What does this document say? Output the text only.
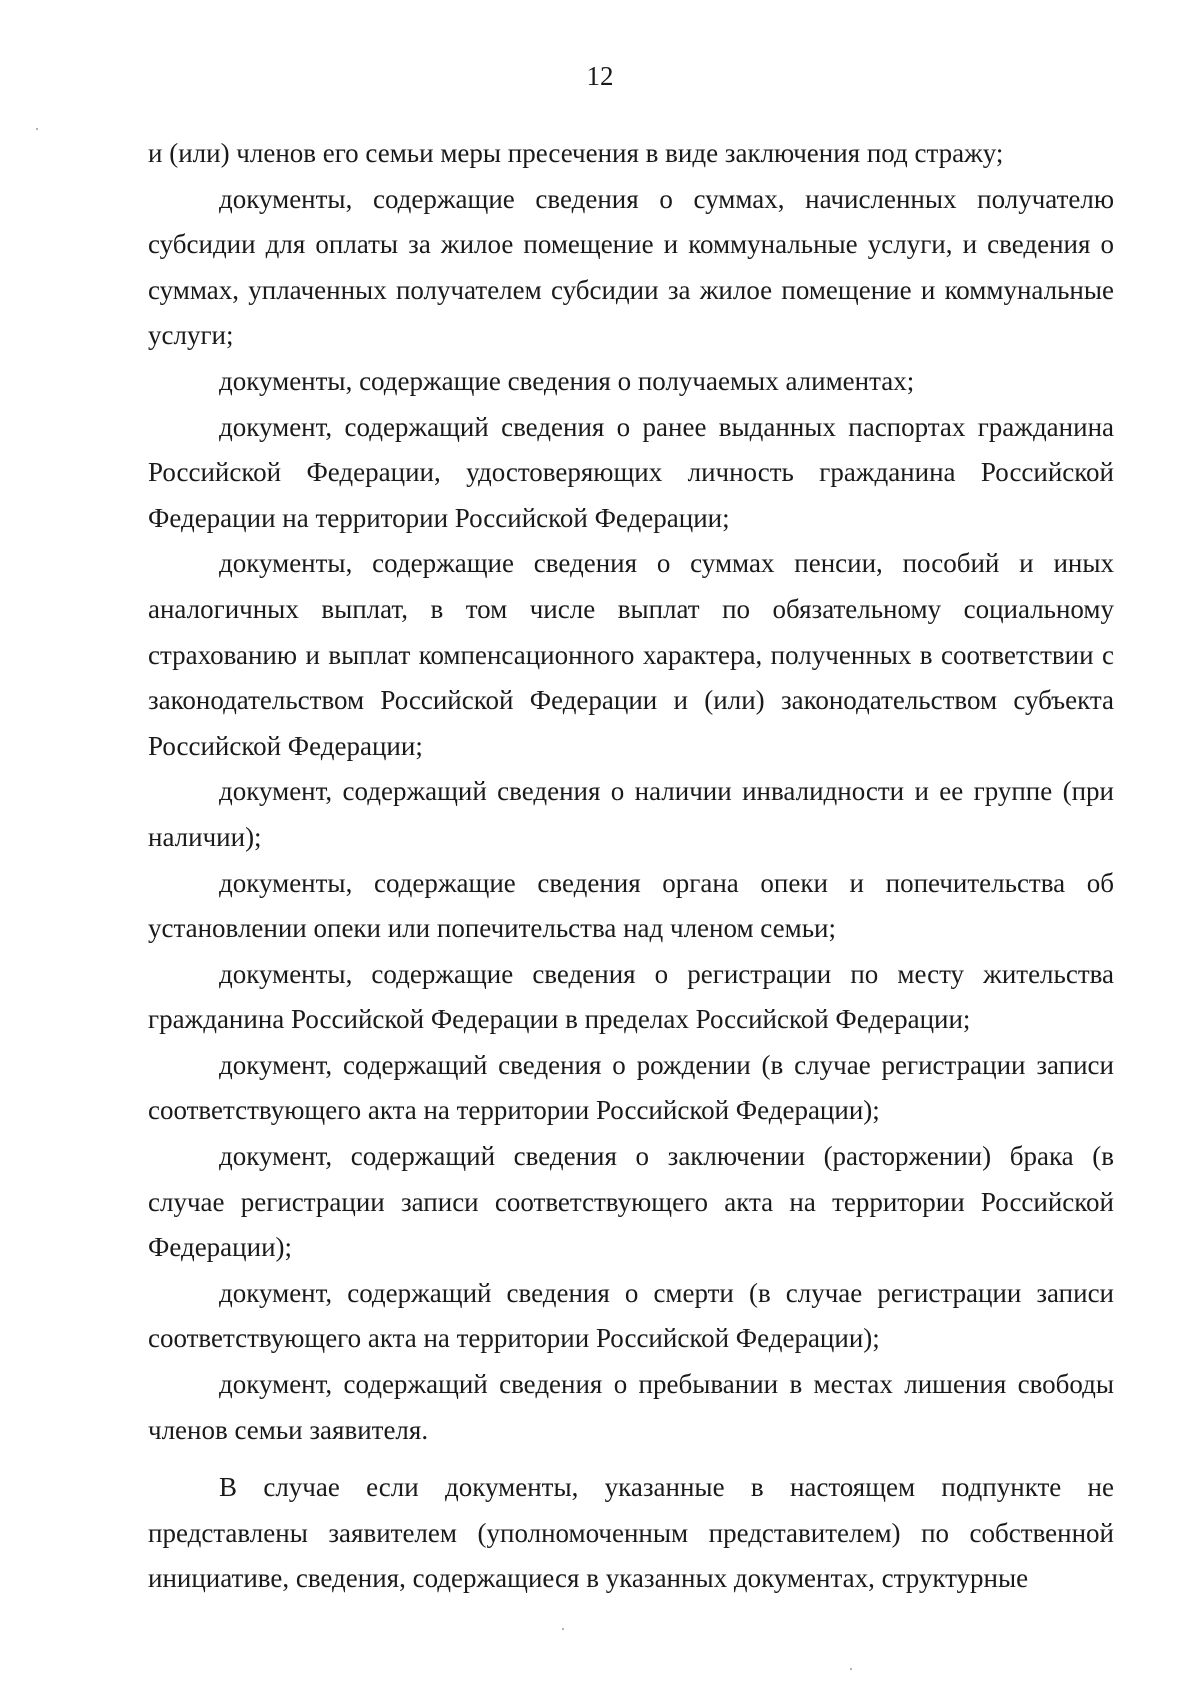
12

и (или) членов его семьи меры пресечения в виде заключения под стражу;

документы, содержащие сведения о суммах, начисленных получателю субсидии для оплаты за жилое помещение и коммунальные услуги, и сведения о суммах, уплаченных получателем субсидии за жилое помещение и коммунальные услуги;

документы, содержащие сведения о получаемых алиментах;

документ, содержащий сведения о ранее выданных паспортах гражданина Российской Федерации, удостоверяющих личность гражданина Российской Федерации на территории Российской Федерации;

документы, содержащие сведения о суммах пенсии, пособий и иных аналогичных выплат, в том числе выплат по обязательному социальному страхованию и выплат компенсационного характера, полученных в соответствии с законодательством Российской Федерации и (или) законодательством субъекта Российской Федерации;

документ, содержащий сведения о наличии инвалидности и ее группе (при наличии);

документы, содержащие сведения органа опеки и попечительства об установлении опеки или попечительства над членом семьи;

документы, содержащие сведения о регистрации по месту жительства гражданина Российской Федерации в пределах Российской Федерации;

документ, содержащий сведения о рождении (в случае регистрации записи соответствующего акта на территории Российской Федерации);

документ, содержащий сведения о заключении (расторжении) брака (в случае регистрации записи соответствующего акта на территории Российской Федерации);

документ, содержащий сведения о смерти (в случае регистрации записи соответствующего акта на территории Российской Федерации);

документ, содержащий сведения о пребывании в местах лишения свободы членов семьи заявителя.

В случае если документы, указанные в настоящем подпункте не представлены заявителем (уполномоченным представителем) по собственной инициативе, сведения, содержащиеся в указанных документах, структурные
